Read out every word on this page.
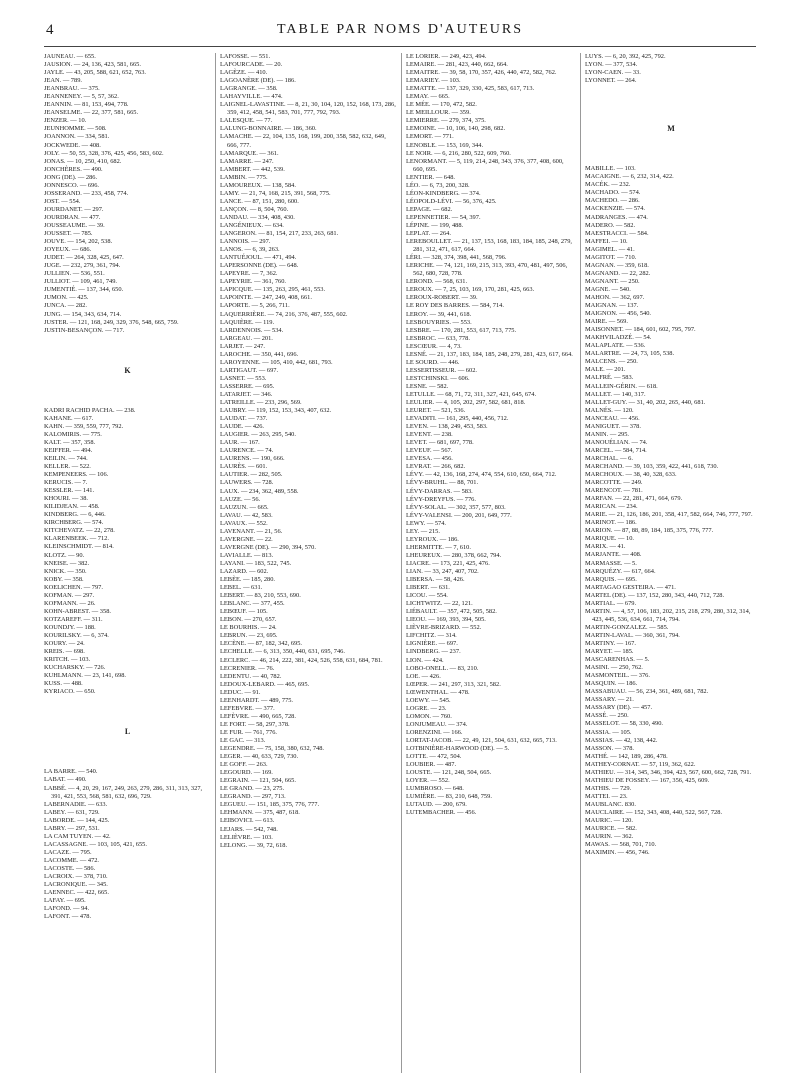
4	TABLE PAR NOMS D'AUTEURS
JAUNEAU. — 655.
JAUSION. — 24, 136, 423, 581, 665.
JAYLE. — 43, 205, 588, 621, 652, 763.
JEAN. — 789.
JEANBRAU. — 375.
JEANNENEY. — 5, 57, 362.
JEANNIN. — 81, 153, 494, 778.
JEANSELME. — 22, 377, 581, 665.
JENZER. — 10.
JEUNHOMME. — 508.
JOANNON. — 334, 581.
JOCKWEDE. — 408.
JOLY. — 50, 55, 328, 376, 425, 456, 583, 602.
JONAS. — 10, 250, 410, 682.
JONCHÈRES. — 490.
JONG (DE). — 286.
JONNESCO. — 696.
JOSSERAND. — 233, 458, 774.
JOST. — 554.
JOURDANET. — 297.
JOURDRAN. — 477.
JOUSSEAUME. — 39.
JOUSSET. — 785.
JOUVE. — 154, 202, 538.
JOYEUX. — 686.
JUDET. — 264, 328, 425, 647.
JUGE. — 232, 279, 361, 794.
JULLIEN. — 536, 551.
JULLIOT. — 109, 461, 749.
JUMENTIÉ. — 137, 344, 650.
JUMON. — 425.
JUNCA. — 282.
JUNG. — 154, 343, 634, 714.
JUSTER. — 121, 168, 249, 329, 376, 548, 665, 759.
JUSTIN-BESANÇON. — 717.
K
KADRI RACHID PACHA. — 238.
KAHANE. — 617.
KAHN. — 359, 559, 777, 792.
KALOMIRIS. — 775.
KALT. — 357, 358.
KEIFFER. — 494.
KEILIN. — 744.
KELLER. — 522.
KEMPENEERS. — 106.
KERUCIS. — 7.
KESSLER. — 141.
KHOURI. — 38.
KILIDJEAN. — 458.
KINDBERG. — 6, 446.
KIRCHBERG. — 574.
KITCHEVATZ. — 22, 278.
KLARENBEEK. — 712.
KLEINSCHMIDT. — 814.
KLOTZ. — 90.
KNEISE. — 382.
KNICK. — 350.
KOBY. — 358.
KOELICHEN. — 797.
KOFMAN. — 297.
KOFMANN. — 26.
KOHN-ABREST. — 358.
KOTZAREFF. — 311.
KOUNDJY. — 188.
KOURILSKY. — 6, 374.
KOURY. — 24.
KREIS. — 698.
KRITCH. — 103.
KUCHARSKY. — 726.
KUHLMANN. — 23, 141, 698.
KUSS. — 488.
KYRIACO. — 650.
L
LA BARRE. — 540.
LABAT. — 490.
LABBÉ. — 4, 20, 29, 167, 249, 263, 279, 286, 311, 313, 327, 391, 421, 553, 568, 581, 632, 696, 729.
LABERNADIE. — 633.
LABEY. — 631, 729.
LABORDE. — 144, 425.
LABRY. — 297, 531.
LA CAM TUYEN. — 42.
LACASSAGNE. — 103, 105, 421, 655.
LACAZE. — 795.
LACOMME. — 472.
LACOSTE. — 586.
LACROIX. — 378, 710.
LACRONIQUE. — 345.
LAENNEC. — 422, 665.
LAFAY. — 695.
LAFOND. — 94.
LAFONT. — 478.
LAFOSSE. — 551.
LAFOURCADE. — 20.
LAGÈZE. — 410.
LAGOANÈRE (DE). — 186.
LAGRANGE. — 358.
LAHAYVILLE. — 474.
LAIGNEL-LAVASTINE. — 8, 21, 30, 104, 120, 152, 168, 173, 286, 359, 412, 458, 541, 583, 701, 777, 792, 793.
LALESQUE. — 77.
LALUNG-BONNAIRE. — 186, 360.
LAMACHE. — 22, 104, 135, 168, 199, 200, 358, 582, 632, 649, 666, 777.
LAMARQUE. — 361.
LAMARRE. — 247.
LAMBERT. — 442, 539.
LAMBIN. — 775.
LAMOUREUX. — 138, 584.
LAMY. — 21, 74, 168, 215, 391, 568, 775.
LANCE. — 87, 151, 280, 600.
LANÇON. — 8, 504, 760.
LANDAU. — 334, 408, 430.
LANGÉNIEUX. — 634.
LANGERON. — 81, 154, 217, 233, 263, 681.
LANNOIS. — 297.
LANOS. — 6, 39, 263.
LANTUÉJOUL. — 471, 494.
LAPERSONNE (DE). — 648.
LAPEYRE. — 7, 362.
LAPEYRIE. — 361, 760.
LAPICQUE. — 135, 263, 295, 461, 553.
LAPOINTE. — 247, 249, 408, 661.
LAPORTE. — 5, 266, 711.
LAQUERRIÈRE. — 74, 216, 376, 487, 555, 602.
LAQUIÈRE. — 119.
LARDENNOIS. — 534.
LARGEAU. — 201.
LARJET. — 247.
LAROCHE. — 350, 441, 696.
LAROYENNE. — 105, 410, 442, 681, 793.
LARTIGAUT. — 697.
LASNET. — 553.
LASSERRE. — 695.
LATARJET. — 346.
LATREILLE. — 233, 296, 569.
LAUBRY. — 119, 152, 153, 343, 407, 632.
LAUDAT. — 737.
LAUDE. — 426.
LAUGIER. — 263, 295, 540.
LAUR. — 167.
LAURENCE. — 74.
LAURENS. — 190, 666.
LAURÈS. — 601.
LAUTIER. — 282, 505.
LAUWERS. — 728.
LAUX. — 234, 362, 489, 558.
LAUZE. — 56.
LAUZUN. — 665.
LAVAU. — 42, 583.
LAVAUX. — 552.
LAVENANT. — 21, 56.
LAVERGNE. — 22.
LAVERGNE (DE). — 290, 394, 570.
LAVIALLE. — 813.
LAYANI. — 183, 522, 745.
LAZARD. — 602.
LEBÈE. — 185, 280.
LEBEL. — 631.
LEBERT. — 83, 210, 553, 690.
LEBLANC. — 377, 455.
LEBŒUF. — 105.
LEBON. — 270, 657.
LE BOURHIS. — 24.
LEBRUN. — 23, 695.
LECÈNE. — 87, 182, 342, 695.
LECHELLE. — 6, 313, 350, 440, 631, 695, 746.
LECLERC. — 46, 214, 222, 381, 424, 526, 558, 631, 684, 781.
LECRENIER. — 76.
LEDENTU. — 40, 782.
LEDOUX-LEBARD. — 465, 695.
LEDUC. — 91.
LEENHARDT. — 489, 775.
LEFEBVRE. — 377.
LEFÈVRE. — 490, 665, 728.
LE FORT. — 58, 297, 378.
LE FUR. — 761, 776.
LE GAC. — 313.
LEGENDRE. — 75, 158, 380, 632, 748.
LEGER. — 40, 633, 729, 730.
LE GOFF. — 263.
LEGOURD. — 169.
LEGRAIN. — 121, 504, 665.
LE GRAND. — 23, 275.
LEGRAND. — 297, 713.
LEGUEU. — 151, 185, 375, 776, 777.
LEHMANN. — 375, 487, 618.
LEIBOVICI. — 613.
LEJARS. — 542, 748.
LELIÈVRE. — 103.
LELONG. — 39, 72, 618.
LE LORIER. — 249, 423, 494.
LEMAIRE. — 281, 423, 440, 662, 664.
LEMAITRE. — 39, 58, 170, 357, 426, 440, 472, 582, 762.
LEMARIEY. — 103.
LEMATTE. — 137, 329, 330, 425, 583, 617, 713.
LEMAY. — 665.
LE MÉE. — 170, 472, 582.
LE MEILLOUR. — 359.
LEMIERRE. — 279, 374, 375.
LEMOINE. — 10, 106, 140, 298, 682.
LEMORT. — 771.
LENOBLE. — 153, 169, 344.
LE NOIR. — 6, 216, 280, 522, 609, 760.
LENORMANT. — 5, 119, 214, 248, 343, 376, 377, 408, 600, 660, 695.
LENTIER. — 648.
LÉO. — 6, 73, 200, 328.
LÉON-KINDBERG. — 374.
LÉOPOLD-LÉVI. — 56, 376, 425.
LEPAGE. — 682.
LEPENNETIER. — 54, 397.
LÉPINE. — 199, 488.
LEPLAT. — 264.
LEREBOULLET. — 21, 137, 153, 168, 183, 184, 185, 248, 279, 281, 312, 471, 617, 664.
LÉRI. — 328, 374, 398, 441, 568, 796.
LERICHE. — 74, 121, 169, 215, 313, 393, 470, 481, 497, 506, 562, 680, 728, 778.
LEROND. — 568, 631.
LEROUX. — 7, 25, 103, 169, 170, 281, 425, 663.
LEROUX-ROBERT. — 39.
LE ROY DES BARRES. — 584, 714.
LEROY. — 39, 441, 618.
LESBOUYRIES. — 553.
LESBRE. — 170, 281, 553, 617, 713, 775.
LESBROC. — 633, 778.
LESCŒUR. — 4, 73.
LESNÉ. — 21, 137, 183, 184, 185, 248, 279, 281, 423, 617, 664.
LE SOURD. — 446.
LESSERTISSEUR. — 602.
LESTCHINSKI. — 606.
LESNE. — 582.
LETULLE. — 68, 71, 72, 311, 327, 421, 645, 674.
LEULIER. — 4, 105, 202, 297, 582, 681, 818.
LEURET. — 521, 536.
LEVADITI. — 161, 295, 440, 456, 712.
LEVEN. — 138, 249, 453, 583.
LEVENT. — 238.
LEVET. — 681, 697, 778.
LEVEUF. — 567.
LEVESA. — 456.
LEVRAT. — 266, 682.
LÉVY. — 42, 136, 168, 274, 474, 554, 610, 650, 664, 712.
LÉVY-BRUHL. — 88, 701.
LÉVY-DARRAS. — 583.
LÉVY-DREYFUS. — 776.
LÉVY-SOLAL. — 302, 357, 577, 803.
LÉVY-VALENSI. — 200, 201, 649, 777.
LEWY. — 574.
LEY. — 215.
LEYROUX. — 186.
LHERMITTE. — 7, 610.
LHEUREUX. — 280, 378, 662, 794.
LIACRE. — 173, 221, 425, 476.
LIAN. — 33, 247, 407, 702.
LIBERSA. — 58, 426.
LIBERT. — 631.
LICOU. — 554.
LICHTWITZ. — 22, 121.
LIÉBAULT. — 357, 472, 505, 582.
LIEOU. — 169, 393, 394, 505.
LIÈVRE-BRIZARD. — 552.
LIFCHITZ. — 314.
LIGNIÈRE. — 697.
LINDBERG. — 237.
LION. — 424.
LOBO-ONELL. — 83, 210.
LOE. — 426.
LŒPER. — 241, 297, 313, 321, 582.
LŒWENTHAL. — 478.
LOEWY. — 545.
LOGRE. — 23.
LOMON. — 760.
LONJUMEAU. — 374.
LORENZINI. — 166.
LORTAT-JACOB. — 22, 49, 121, 504, 631, 632, 665, 713.
LOTBINIÈRE-HARWOOD (DE). — 5.
LOTTE. — 472, 504.
LOUBIER. — 487.
LOUSTE. — 121, 248, 504, 665.
LOYER. — 552.
LUMBROSO. — 648.
LUMIÈRE. — 83, 210, 648, 759.
LUTAUD. — 200, 679.
LUTEMBACHER. — 456.
LUYS. — 6, 20, 392, 425, 792.
LYON. — 377, 534.
LYON-CAEN. — 33.
LYONNET. — 264.
M
MABILLE. — 103.
MACAIGNE. — 6, 232, 314, 422.
MACÉK. — 232.
MACHADO. — 574.
MACHEDO. — 286.
MACKENZIE. — 574.
MADRANGES. — 474.
MADERO. — 582.
MAESTRACCI. — 584.
MAFFEI. — 10.
MAGIMEL. — 41.
MAGITOT. — 710.
MAGNAN. — 359, 618.
MAGNAND. — 22, 282.
MAGNANT. — 250.
MAGNE. — 540.
MAHON. — 362, 697.
MAIGNAN. — 137.
MAIGNON. — 456, 540.
MAIRE. — 569.
MAISONNET. — 184, 601, 602, 795, 797.
MAKHVILADZÉ. — 54.
MALAPLATE. — 536.
MALARTRE. — 24, 73, 105, 538.
MALCENS. — 250.
MALE. — 201.
MALFRÉ. — 583.
MALLEIN-GÉRIN. — 618.
MALLET. — 140, 317.
MALLET-GUY. — 31, 40, 202, 265, 440, 681.
MALNÉS. — 120.
MANCEAU. — 456.
MANIGUET. — 378.
MANIN. — 295.
MANOUÉLIAN. — 74.
MARCEL. — 584, 714.
MARCHAL. — 6.
MARCHAND. — 39, 103, 359, 422, 441, 618, 730.
MARCHOUX. — 38, 40, 328, 633.
MARCOTTE. — 249.
MARENCOT. — 781.
MARFAN. — 22, 281, 471, 664, 679.
MARICAN. — 234.
MARIE. — 21, 126, 186, 201, 358, 417, 582, 664, 746, 777, 797.
MARINOT. — 186.
MARION. — 87, 88, 89, 184, 185, 375, 776, 777.
MARIQUE. — 10.
MARIX. — 41.
MARJANTE. — 408.
MARMASSE. — 5.
MARQUÉZY. — 617, 664.
MARQUIS. — 695.
MARTAGAO GESTEIRA. — 471.
MARTEL (DE). — 137, 152, 280, 343, 440, 712, 728.
MARTIAL. — 679.
MARTIN. — 4, 57, 106, 183, 202, 215, 218, 279, 280, 312, 314, 423, 445, 536, 634, 661, 714, 794.
MARTIN-GONZALEZ. — 585.
MARTIN-LAVAL. — 360, 361, 794.
MARTINY. — 167.
MARYET. — 185.
MASCARENHAS. — 5.
MASINI. — 250, 762.
MASMONTEIL. — 376.
MASQUIN. — 186.
MASSABUAU. — 56, 234, 361, 489, 681, 782.
MASSARY. — 21.
MASSARY (DE). — 457.
MASSÉ. — 250.
MASSELOT. — 58, 330, 490.
MASSIA. — 105.
MASSIAS. — 42, 138, 442.
MASSON. — 378.
MATHÉ. — 142, 189, 286, 478.
MATHEY-CORNAT. — 57, 119, 362, 622.
MATHIEU. — 314, 345, 346, 394, 423, 567, 600, 662, 728, 791.
MATHIEU DE FOSSEY. — 167, 356, 425, 609.
MATHIS. — 729.
MATTEI. — 23.
MAUBLANC. 830.
MAUCLAIRE. — 152, 343, 408, 440, 522, 567, 728.
MAURIC. — 120.
MAURICE. — 582.
MAURIN. — 362.
MAWAS. — 568, 701, 710.
MAXIMIN. — 456, 746.
